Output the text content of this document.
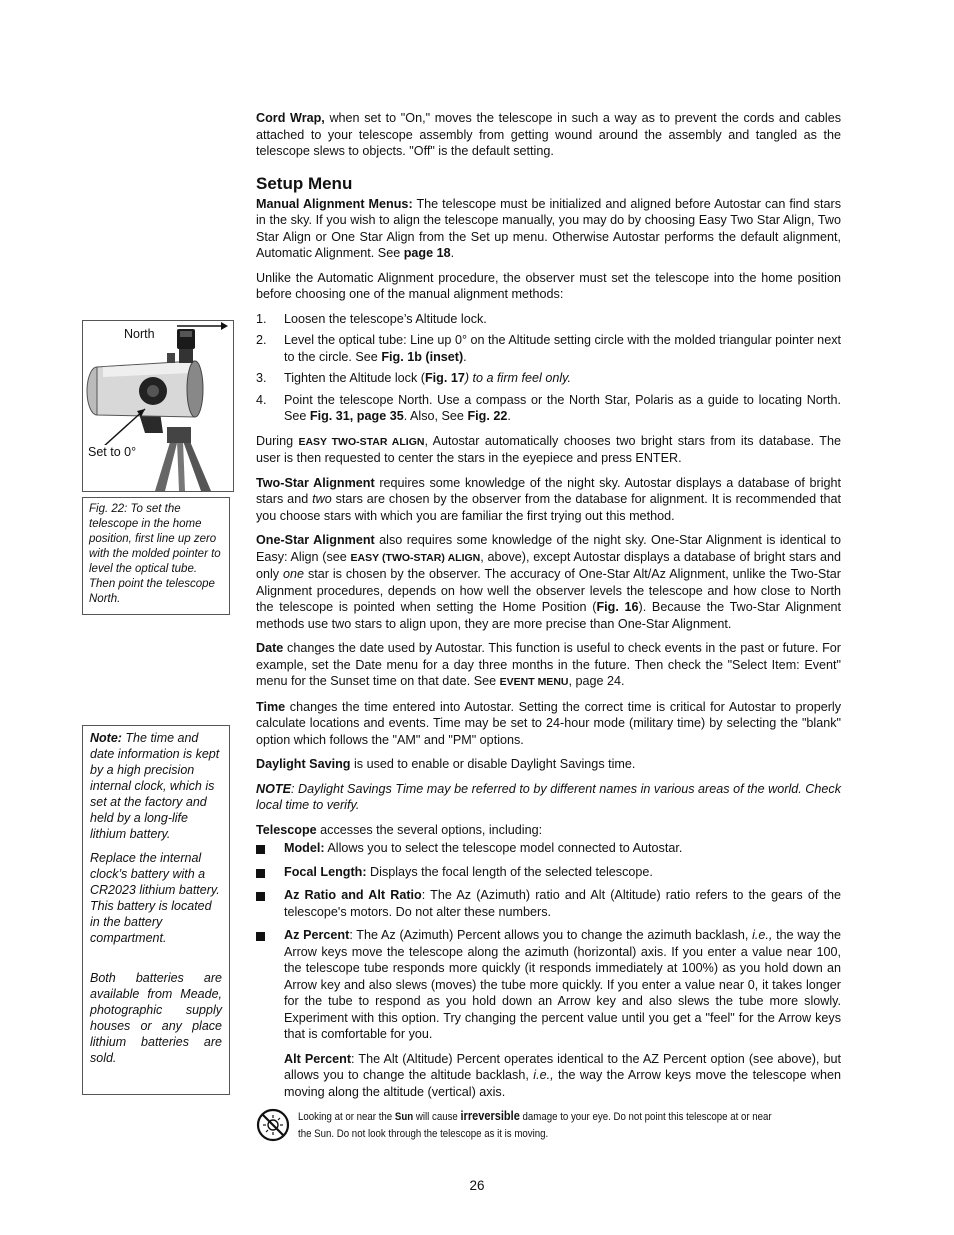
Cord Wrap, when set to "On," moves the telescope in such a way as to prevent the cords and cables attached to your telescope assembly from getting wound around the assembly and tangled as the telescope slews to objects. "Off" is the default setting.

Setup Menu

Manual Alignment Menus: The telescope must be initialized and aligned before Autostar can find stars in the sky. If you wish to align the telescope manually, you may do by choosing Easy Two Star Align, Two Star Align or One Star Align from the Set up menu. Otherwise Autostar performs the default alignment, Automatic Alignment. See page 18.

Unlike the Automatic Alignment procedure, the observer must set the telescope into the home position before choosing one of the manual alignment methods:

1. Loosen the telescope’s Altitude lock.
2. Level the optical tube: Line up 0° on the Altitude setting circle with the molded triangular pointer next to the circle. See Fig. 1b (inset).
3. Tighten the Altitude lock (Fig. 17) to a firm feel only.
4. Point the telescope North. Use a compass or the North Star, Polaris as a guide to locating North. See Fig. 31, page 35. Also, See Fig. 22.

During EASY TWO-STAR ALIGN, Autostar automatically chooses two bright stars from its database. The user is then requested to center the stars in the eyepiece and press ENTER.

Two-Star Alignment requires some knowledge of the night sky. Autostar displays a database of bright stars and two stars are chosen by the observer from the database for alignment. It is recommended that you choose stars with which you are familiar the first trying out this method.

One-Star Alignment also requires some knowledge of the night sky. One-Star Alignment is identical to Easy: Align (see EASY (TWO-STAR) ALIGN, above), except Autostar displays a database of bright stars and only one star is chosen by the observer. The accuracy of One-Star Alt/Az Alignment, unlike the Two-Star Alignment procedures, depends on how well the observer levels the telescope and how close to North the telescope is pointed when setting the Home Position (Fig. 16). Because the Two-Star Alignment methods use two stars to align upon, they are more precise than One-Star Alignment.

Date changes the date used by Autostar. This function is useful to check events in the past or future. For example, set the Date menu for a day three months in the future. Then check the "Select Item: Event" menu for the Sunset time on that date. See EVENT MENU, page 24.

Time changes the time entered into Autostar. Setting the correct time is critical for Autostar to properly calculate locations and events. Time may be set to 24-hour mode (military time) by selecting the "blank" option which follows the "AM" and "PM" options.

Daylight Saving is used to enable or disable Daylight Savings time.

NOTE: Daylight Savings Time may be referred to by different names in various areas of the world. Check local time to verify.

Telescope accesses the several options, including:

Model: Allows you to select the telescope model connected to Autostar.
Focal Length: Displays the focal length of the selected telescope.
Az Ratio and Alt Ratio: The Az (Azimuth) ratio and Alt (Altitude) ratio refers to the gears of the telescope's motors. Do not alter these numbers.
Az Percent: The Az (Azimuth) Percent allows you to change the azimuth backlash, i.e., the way the Arrow keys move the telescope along the azimuth (horizontal) axis. If you enter a value near 100, the telescope tube responds more quickly (it responds immediately at 100%) as you hold down an Arrow key and also slews (moves) the tube more quickly. If you enter a value near 0, it takes longer for the tube to respond as you hold down an Arrow key and also slews the tube more slowly. Experiment with this option. Try changing the percent value until you get a "feel" for the Arrow keys that is comfortable for you.

Alt Percent: The Alt (Altitude) Percent operates identical to the AZ Percent option (see above), but allows you to change the altitude backlash, i.e., the way the Arrow keys move the telescope when moving along the altitude (vertical) axis.

Looking at or near the Sun will cause irreversible damage to your eye. Do not point this telescope at or near the Sun. Do not look through the telescope as it is moving.
North
Set to 0°
Fig. 22: To set the telescope in the home position, first line up zero with the molded pointer to level the optical tube. Then point the telescope North.

Note: The time and date information is kept by a high precision internal clock, which is set at the factory and held by a long-life lithium battery.

Replace the internal clock’s battery with a CR2023 lithium battery. This battery is located in the battery compartment.

Both batteries are available from Meade, photographic supply houses or any place lithium batteries are sold.

26
